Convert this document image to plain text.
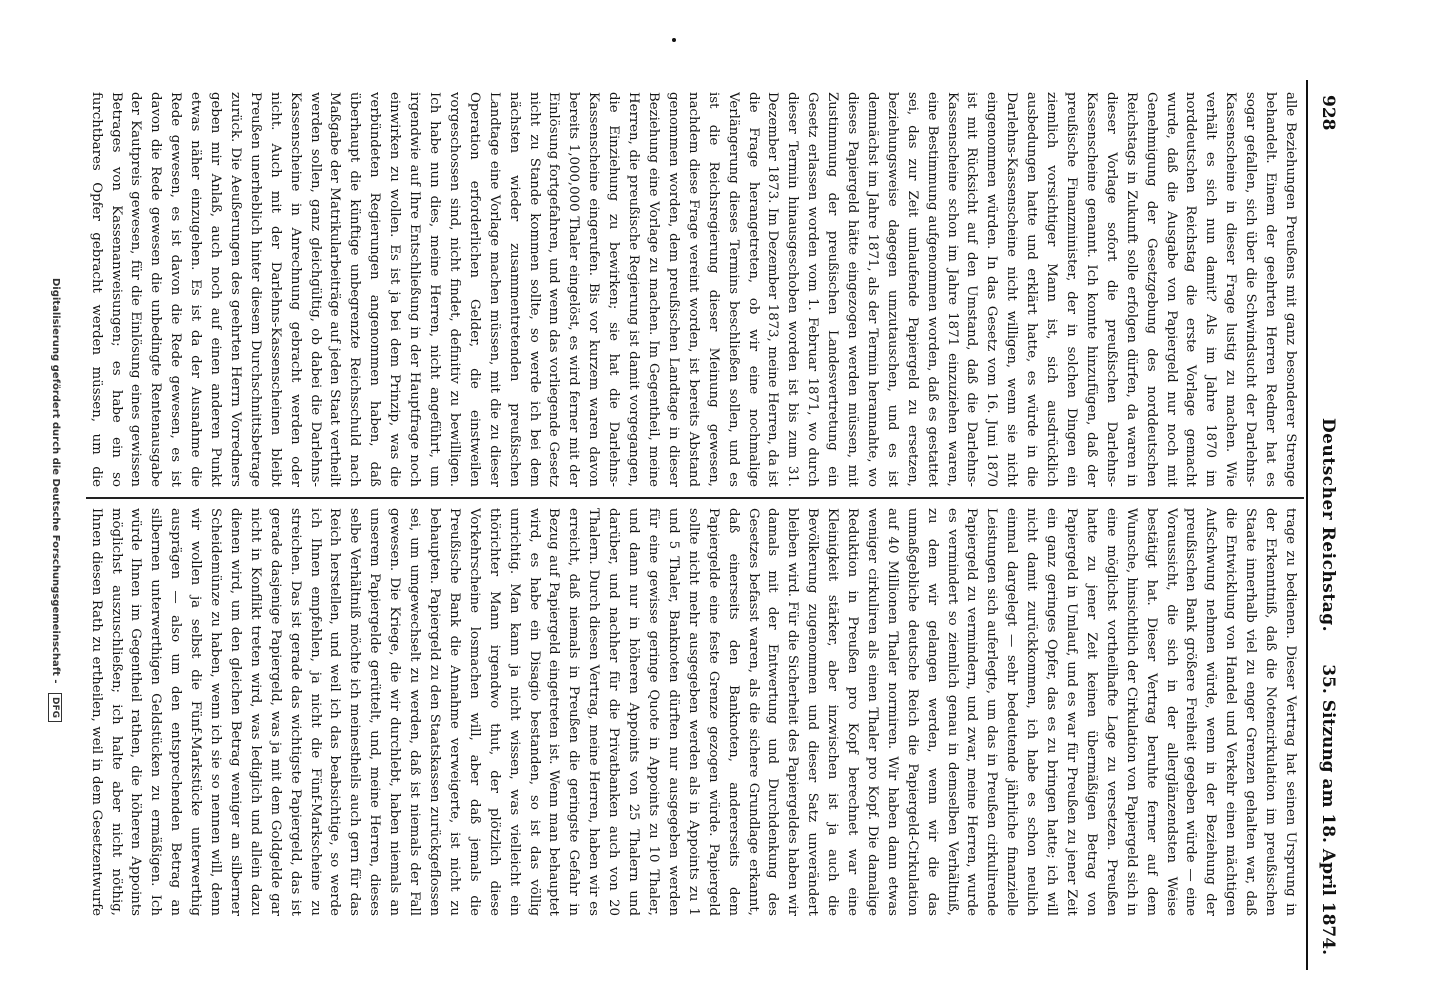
928
Deutscher Reichstag.
35. Sitzung am 18. April 1874.

alle Beziehungen Preußens mit ganz besonderer Strenge behandelt. Einem der geehrten Herren Redner hat es sogar gefallen, sich über die Schwindsucht der Darlehns-Kassenscheine in dieser Frage lustig zu machen. Wie verhält es sich nun damit? Als im Jahre 1870 im norddeutschen Reichstag die erste Vorlage gemacht wurde, daß die Ausgabe von Papiergeld nur noch mit Genehmigung der Gesetzgebung des norddeutschen Reichstags in Zukunft solle erfolgen dürfen, da waren in dieser Vorlage sofort die preußischen Darlehns-Kassenscheine genannt. Ich konnte hinzufügen, daß der preußische Finanzminister, der in solchen Dingen ein ziemlich vorsichtiger Mann ist, sich ausdrücklich ausbedungen hatte und erklärt hatte, es würde in die Darlehns-Kassenscheine nicht willigen, wenn sie nicht eingenommen würden. In das Gesetz vom 16. Juni 1870 ist mit Rücksicht auf den Umstand, daß die Darlehns-Kassenscheine schon im Jahre 1871 einzuziehen waren, eine Bestimmung aufgenommen worden, daß es gestattet sei, das zur Zeit umlaufende Papiergeld zu ersetzen, beziehungsweise dagegen umzutauschen, und es ist demnächst im Jahre 1871, als der Termin herannahte, wo dieses Papiergeld hätte eingezogen werden müssen, mit Zustimmung der preußischen Landesvertretung ein Gesetz erlassen worden vom 1. Februar 1871, wo durch dieser Termin hinausgeschoben worden ist bis zum 31. Dezember 1873. Im Dezember 1873, meine Herren, da ist die Frage herangetreten, ob wir eine nochmalige Verlängerung dieses Termins beschließen sollen, und es ist die Reichsregierung dieser Meinung gewesen, nachdem diese Frage vereint worden, ist bereits Abstand genommen worden, dem preußischen Landtage in dieser Beziehung eine Vorlage zu machen. Im Gegentheil, meine Herren, die preußische Regierung ist damit vorgegangen, die Einziehung zu bewirken; sie hat die Darlehns-Kassenscheine eingerufen. Bis vor kurzem waren davon bereits 1,000,000 Thaler eingelöst, es wird ferner mit der Einlösung fortgefahren, und wenn das vorliegende Gesetz nicht zu Stande kommen sollte, so werde ich bei dem nächsten wieder zusammentretenden preußischen Landtage eine Vorlage machen müssen, mit die zu dieser Operation erforderlichen Gelder, die einstweilen vorgeschossen sind, nicht findet, definitiv zu bewilligen. Ich habe nun dies, meine Herren, nicht angeführt, um irgendwie auf Ihre Entschließung in der Hauptfrage noch einwirken zu wollen. Es ist ja bei dem Prinzip, was die verbündeten Regierungen angenommen haben, daß überhaupt die künftige unbegrenzte Reichsschuld nach Maßgabe der Matrikularbeiträge auf jeden Staat vertheilt werden sollen, ganz gleichgültig, ob dabei die Darlehns-Kassenscheine in Anrechnung gebracht werden oder nicht. Auch mit der Darlehns-Kassenscheinen bleibt Preußen unerheblich hinter diesem Durchschnittsbetrage zurück. Die Aeußerungen des geehrten Herrn Vorredners geben mir Anlaß, auch noch auf einen anderen Punkt etwas näher einzugehen. Es ist da der Ausnahme die Rede gewesen, es ist davon die Rede gewesen, es ist davon die Rede gewesen die unbedingte Rentenausgabe der Kautpreis gewesen, für die Einlösung eines gewissen Betrages von Kassenanweisungen; es habe ein so furchtbares Opfer gebracht werden müssen, um die

trage zu bedienen. Dieser Vertrag hat seinen Ursprung in der Erkenntniß, daß die Notencirkulation im preußischen Staate innerhalb viel zu enger Grenzen gehalten war, daß die Entwicklung von Handel und Verkehr einen mächtigen Aufschwung nehmen würde, wenn in der Beziehung der preußischen Bank größere Freiheit gegeben würde — eine Voraussicht, die sich in der allerglänzendsten Weise bestätigt hat. Dieser Vertrag beruhte ferner auf dem Wunsche, hinsichtlich der Cirkulation von Papiergeld sich in eine möglichst vortheilhafte Lage zu versetzen. Preußen hatte zu jener Zeit keinen übermäßigen Betrag von Papiergeld in Umlauf, und es war für Preußen zu jener Zeit ein ganz geringes Opfer, das es zu bringen hatte; ich will nicht damit zurückkommen, ich habe es schon neulich einmal dargelegt — sehr bedeutende jährliche finanzielle Leistungen sich auferlegte, um das in Preußen cirkulirende Papiergeld zu vermindern, und zwar, meine Herren, wurde es vermindert so ziemlich genau in demselben Verhältniß, zu dem wir gelangen werden, wenn wir die das unmaßgebliche deutsche Reich die Papiergeld-Cirkulation auf 40 Millionen Thaler normiren. Wir haben dann etwas weniger cirkuliren als einen Thaler pro Kopf. Die damalige Reduktion in Preußen pro Kopf berechnet war eine Kleinigkeit stärker, aber inzwischen ist ja auch die Bevölkerung zugenommen und dieser Satz unverändert bleiben wird. Für die Sicherheit des Papiergeldes haben wir damals mit der Entwertung und Durchdenkung des Gesetzes befasst waren, als die sichere Grundlage erkannt, daß einerseits den Banknoten, andererseits dem Papiergelde eine feste Grenze gezogen würde. Papiergeld sollte nicht mehr ausgegeben werden als in Appoints zu 1 und 5 Thaler, Banknoten dürften nur ausgegeben werden für eine gewisse geringe Quote in Appoints zu 10 Thaler, und dann nur in höheren Appoints von 25 Thalern und darüber, und nachher für die Privatbanken auch von 20 Thalern. Durch diesen Vertrag, meine Herren, haben wir es erreicht, daß niemals in Preußen die geringste Gefahr in Bezug auf Papiergeld eingetreten ist. Wenn man behauptet wird, es habe ein Disagio bestanden, so ist das völlig unrichtig. Man kann ja nicht wissen, was vielleicht ein thörichter Mann irgendwo thut, der plötzlich diese Vorkehrscheine losmachen will, aber daß jemals die Preußische Bank die Annahme verweigerte, ist nicht zu behaupten. Papiergeld zu den Staatskassen zurückgeflossen sei, um umgewechselt zu werden, daß ist niemals der Fall gewesen. Die Kriege, die wir durchlebt, haben niemals an unserem Papiergelde gerüttelt, und, meine Herren, dieses selbe Verhältniß möchte ich meinestheils auch gern für das Reich herstellen, und weil ich das beabsichtige, so werde ich Ihnen empfehlen, ja nicht die Fünf-Markscheine zu streichen. Das ist gerade das wichtigste Papiergeld, das ist gerade dasjenige Papiergeld, was ja mit dem Goldgelde gar nicht in Konflikt treten wird, was lediglich und allein dazu dienen wird, um den gleichen Betrag weniger an silberner Scheidemünze zu haben, wenn ich sie so nennen will, denn wir wollen ja selbst die Fünf-Markstücke unterwerthig ausprägen — also um den entsprechenden Betrag an silbernen unterwerthigen Geldstücken zu ermäßigen. Ich würde Ihnen im Gegentheil rathen, die höheren Appoints möglichst auszuschließen; ich halte aber nicht nöthig, Ihnen diesen Rath zu ertheilen, weil in dem Gesetzentwurfe

Digitalisierung gefördert durch die Deutsche Forschungsgemeinschaft - DFG
